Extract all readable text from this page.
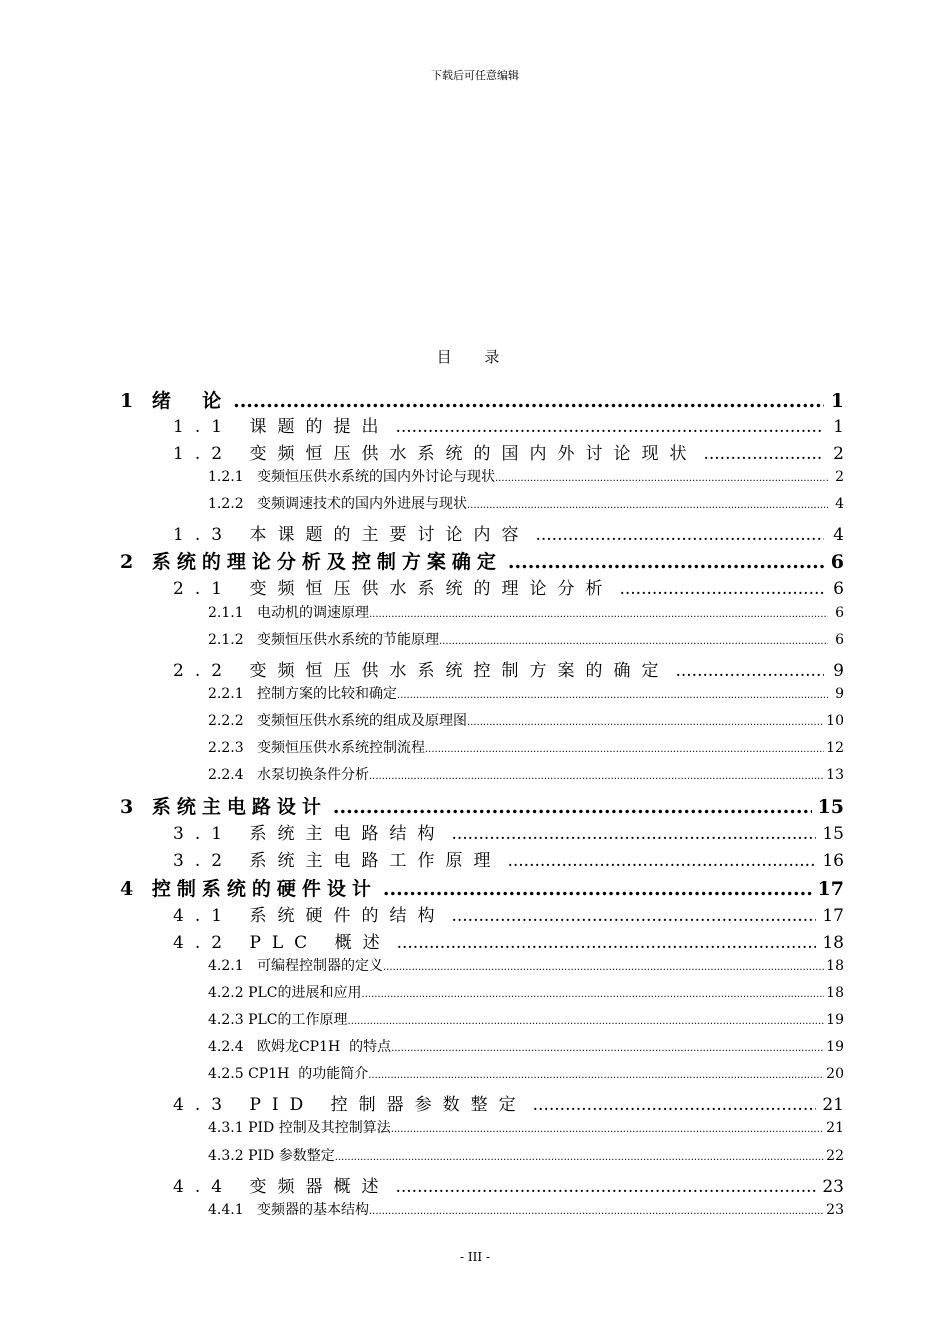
下载后可任意编辑
目 录
1 绪  论 .....	1
1.1 课题的提出 .....	1
1.2 变频恒压供水系统的国内外讨论现状 .....	2
1.2.1   变频恒压供水系统的国内外讨论与现状 .....	2
1.2.2   变频调速技术的国内外进展与现状 .....	4
1.3 本课题的主要讨论内容 .....	4
2 系统的理论分析及控制方案确定 .....	6
2.1 变频恒压供水系统的理论分析 .....	6
2.1.1   电动机的调速原理 .....	6
2.1.2   变频恒压供水系统的节能原理 .....	6
2.2 变频恒压供水系统控制方案的确定 .....	9
2.2.1   控制方案的比较和确定 .....	9
2.2.2   变频恒压供水系统的组成及原理图 .....	10
2.2.3   变频恒压供水系统控制流程 .....	12
2.2.4   水泵切换条件分析 .....	13
3 系统主电路设计 .....	15
3.1 系统主电路结构 .....	15
3.2 系统主电路工作原理 .....	16
4 控制系统的硬件设计 .....	17
4.1 系统硬件的结构 .....	17
4.2 PLC 概述 .....	18
4.2.1   可编程控制器的定义 .....	18
4.2.2 PLC的进展和应用 .....	18
4.2.3 PLC的工作原理 .....	19
4.2.4   欧姆龙CP1H  的特点 .....	19
4.2.5 CP1H  的功能简介 .....	20
4.3 PID 控制器参数整定 .....	21
4.3.1 PID 控制及其控制算法 .....	21
4.3.2 PID 参数整定 .....	22
4.4 变频器概述 .....	23
4.4.1   变频器的基本结构 .....	23
- III -
